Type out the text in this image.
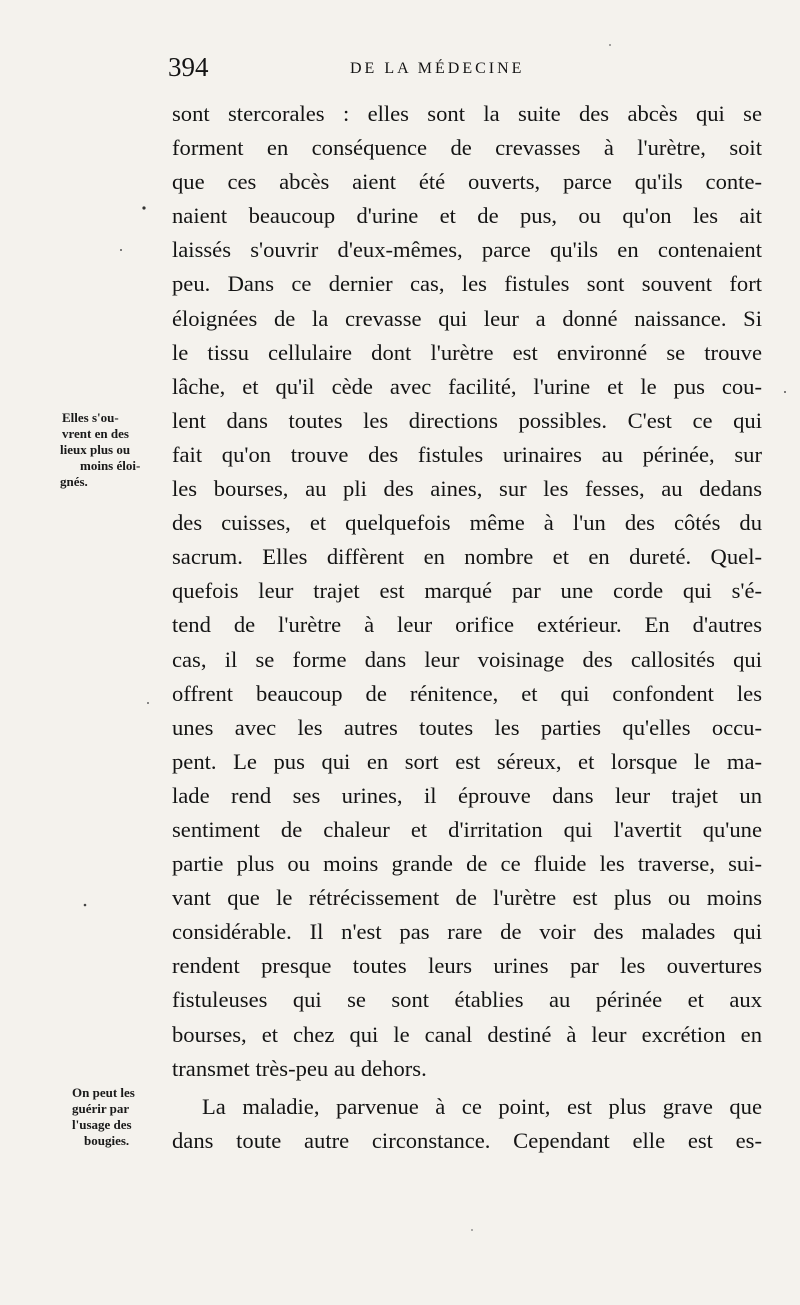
394	DE LA MÉDECINE
Elles s'ou-
vrent en des
lieux plus ou
moins éloi-
gnés.
On peut les
guérir par
l'usage des
bougies.
sont stercorales : elles sont la suite des abcès qui se
forment en conséquence de crevasses à l'urètre, soit
que ces abcès aient été ouverts, parce qu'ils conte-
naient beaucoup d'urine et de pus, ou qu'on les ait
laissés s'ouvrir d'eux-mêmes, parce qu'ils en contenaient
peu. Dans ce dernier cas, les fistules sont souvent fort
éloignées de la crevasse qui leur a donné naissance. Si
le tissu cellulaire dont l'urètre est environné se trouve
lâche, et qu'il cède avec facilité, l'urine et le pus cou-
lent dans toutes les directions possibles. C'est ce qui
fait qu'on trouve des fistules urinaires au périnée, sur
les bourses, au pli des aines, sur les fesses, au dedans
des cuisses, et quelquefois même à l'un des côtés du
sacrum. Elles diffèrent en nombre et en dureté. Quel-
quefois leur trajet est marqué par une corde qui s'é-
tend de l'urètre à leur orifice extérieur. En d'autres
cas, il se forme dans leur voisinage des callosités qui
offrent beaucoup de rénitence, et qui confondent les
unes avec les autres toutes les parties qu'elles occu-
pent. Le pus qui en sort est séreux, et lorsque le ma-
lade rend ses urines, il éprouve dans leur trajet un
sentiment de chaleur et d'irritation qui l'avertit qu'une
partie plus ou moins grande de ce fluide les traverse, sui-
vant que le rétrécissement de l'urètre est plus ou moins
considérable. Il n'est pas rare de voir des malades qui
rendent presque toutes leurs urines par les ouvertures
fistuleuses qui se sont établies au périnée et aux
bourses, et chez qui le canal destiné à leur excrétion en
transmet très-peu au dehors.
La maladie, parvenue à ce point, est plus grave que
dans toute autre circonstance. Cependant elle est es-
